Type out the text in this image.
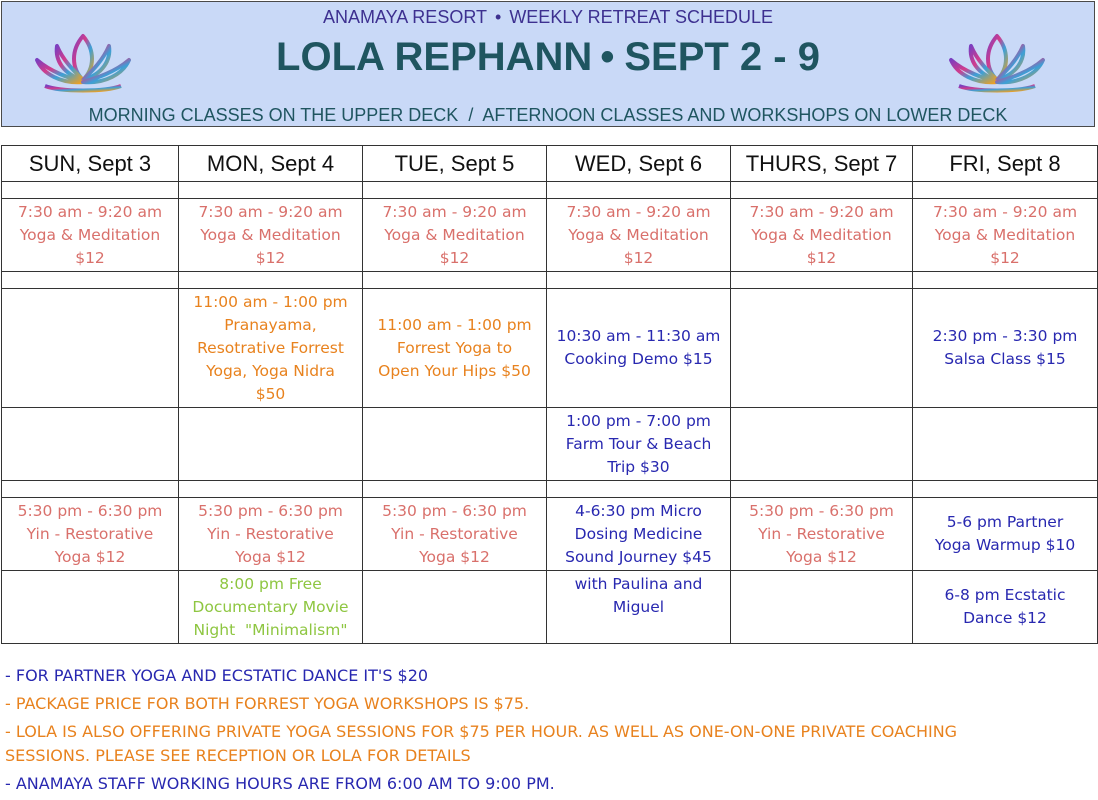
ANAMAYA RESORT • WEEKLY RETREAT SCHEDULE
LOLA REPHANN • SEPT 2 - 9
MORNING CLASSES ON THE UPPER DECK  /  AFTERNOON CLASSES AND WORKSHOPS ON LOWER DECK
SUN, Sept 3	MON, Sept 4	TUE, Sept 5	WED, Sept 6	THURS, Sept 7	FRI, Sept 8

7:30 am - 9:20 am
Yoga & Meditation
$12	7:30 am - 9:20 am
Yoga & Meditation
$12	7:30 am - 9:20 am
Yoga & Meditation
$12	7:30 am - 9:20 am
Yoga & Meditation
$12	7:30 am - 9:20 am
Yoga & Meditation
$12	7:30 am - 9:20 am
Yoga & Meditation
$12

	11:00 am - 1:00 pm
Pranayama,
Resotrative Forrest
Yoga, Yoga Nidra
$50	11:00 am - 1:00 pm
Forrest Yoga to
Open Your Hips $50	10:30 am - 11:30 am
Cooking Demo $15		2:30 pm - 3:30 pm
Salsa Class $15

			1:00 pm - 7:00 pm
Farm Tour & Beach
Trip $30		

5:30 pm - 6:30 pm
Yin - Restorative
Yoga $12	5:30 pm - 6:30 pm
Yin - Restorative
Yoga $12	5:30 pm - 6:30 pm
Yin - Restorative
Yoga $12	4-6:30 pm Micro
Dosing Medicine
Sound Journey $45	5:30 pm - 6:30 pm
Yin - Restorative
Yoga $12	5-6 pm Partner
Yoga Warmup $10

	8:00 pm Free
Documentary Movie
Night  "Minimalism"		with Paulina and
Miguel		6-8 pm Ecstatic
Dance $12
- FOR PARTNER YOGA AND ECSTATIC DANCE IT'S $20
- PACKAGE PRICE FOR BOTH FORREST YOGA WORKSHOPS IS $75.
- LOLA IS ALSO OFFERING PRIVATE YOGA SESSIONS FOR $75 PER HOUR. AS WELL AS ONE-ON-ONE PRIVATE COACHING
SESSIONS. PLEASE SEE RECEPTION OR LOLA FOR DETAILS
- ANAMAYA STAFF WORKING HOURS ARE FROM 6:00 AM TO 9:00 PM.
